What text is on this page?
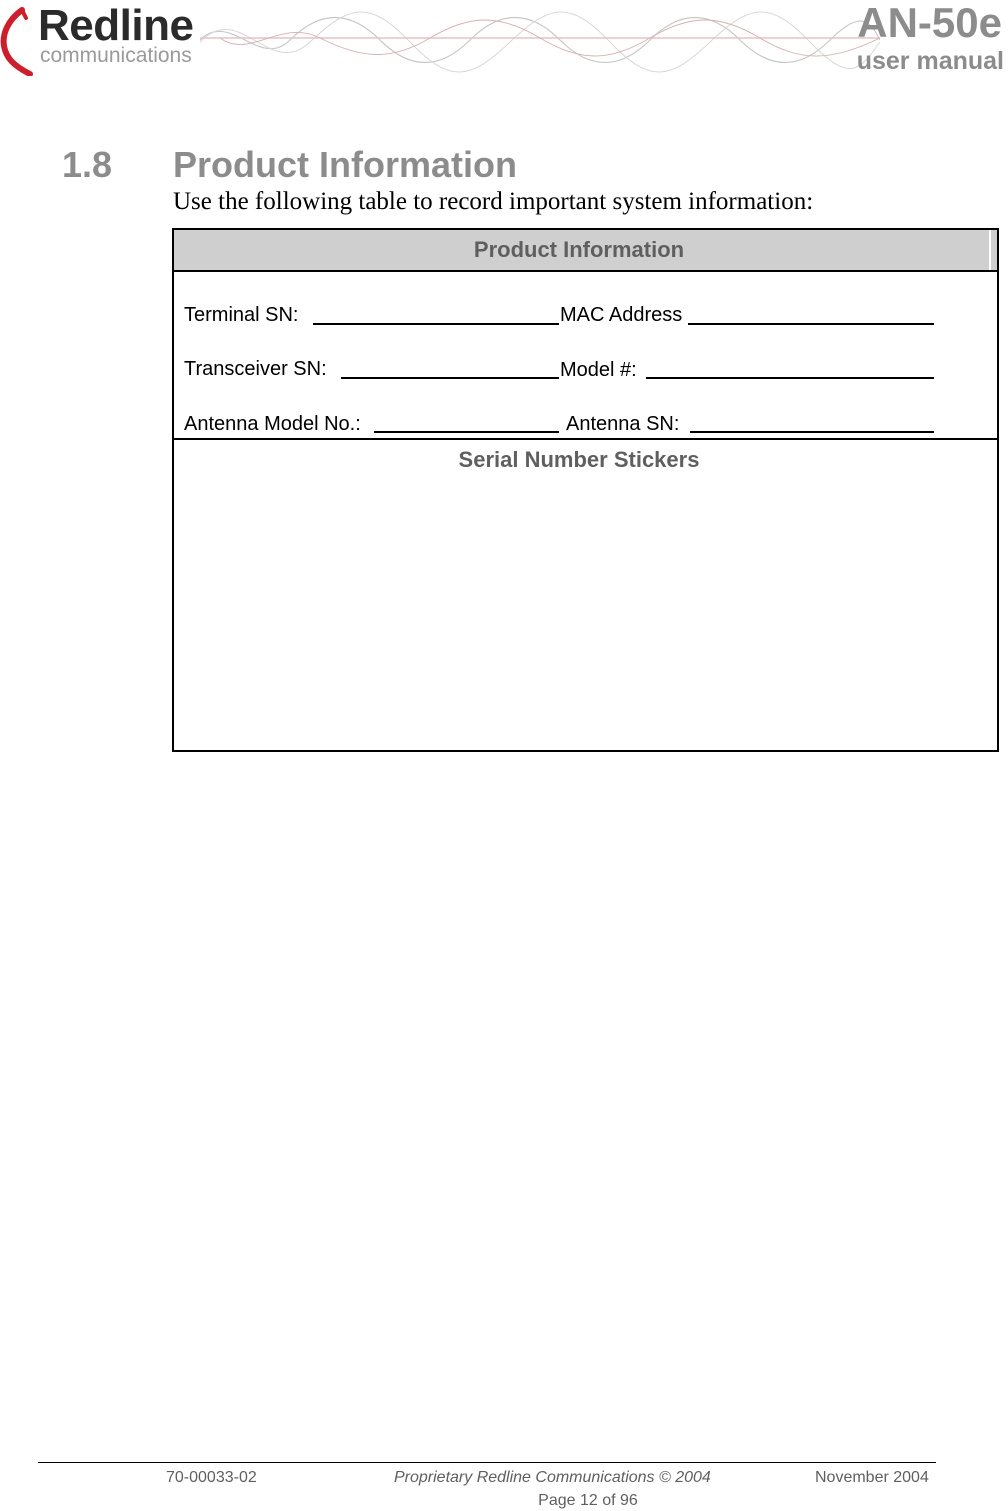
Redline
communications
AN-50e
user manual
1.8 Product Information
Use the following table to record important system information:
Product Information
Terminal SN:	MAC Address
Transceiver SN:	Model #:
Antenna Model No.:	Antenna SN:
Serial Number Stickers
70-00033-02	Proprietary Redline Communications © 2004	November 2004
Page 12 of 96
